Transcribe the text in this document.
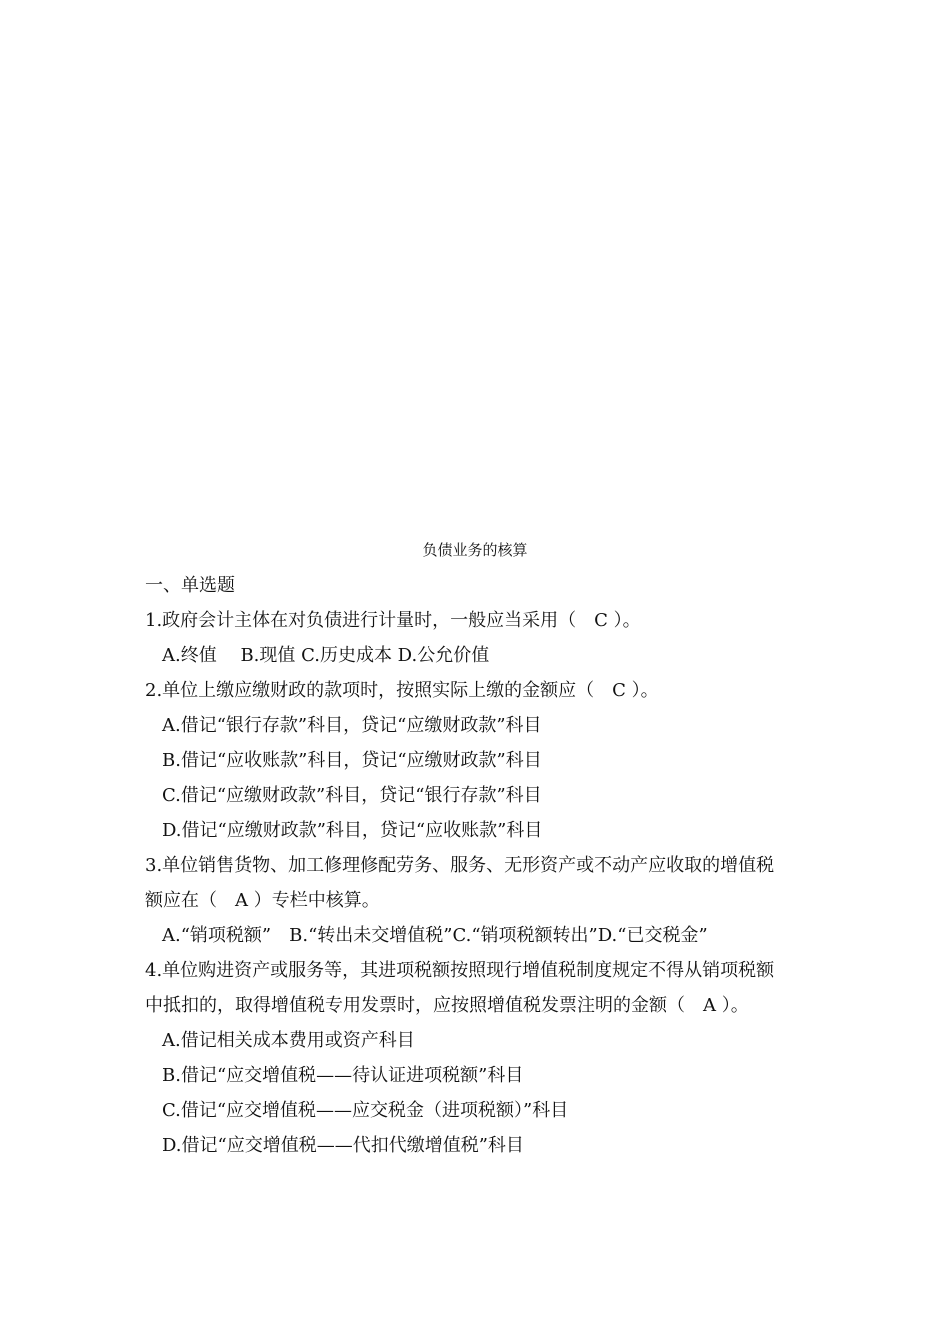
负债业务的核算
一、单选题
1.政府会计主体在对负债进行计量时，一般应当采用（　C ）。
A.终值　 B.现值 C.历史成本 D.公允价值
2.单位上缴应缴财政的款项时，按照实际上缴的金额应（　C ）。
A.借记“银行存款”科目，贷记“应缴财政款”科目
B.借记“应收账款”科目，贷记“应缴财政款”科目
C.借记“应缴财政款”科目，贷记“银行存款”科目
D.借记“应缴财政款”科目，贷记“应收账款”科目
3.单位销售货物、加工修理修配劳务、服务、无形资产或不动产应收取的增值税
额应在（　A ）专栏中核算。
A.“销项税额”　B.“转出未交增值税”C.“销项税额转出”D.“已交税金”
4.单位购进资产或服务等，其进项税额按照现行增值税制度规定不得从销项税额
中抵扣的，取得增值税专用发票时，应按照增值税发票注明的金额（　A ）。
A.借记相关成本费用或资产科目
B.借记“应交增值税——待认证进项税额”科目
C.借记“应交增值税——应交税金（进项税额）”科目
D.借记“应交增值税——代扣代缴增值税”科目
